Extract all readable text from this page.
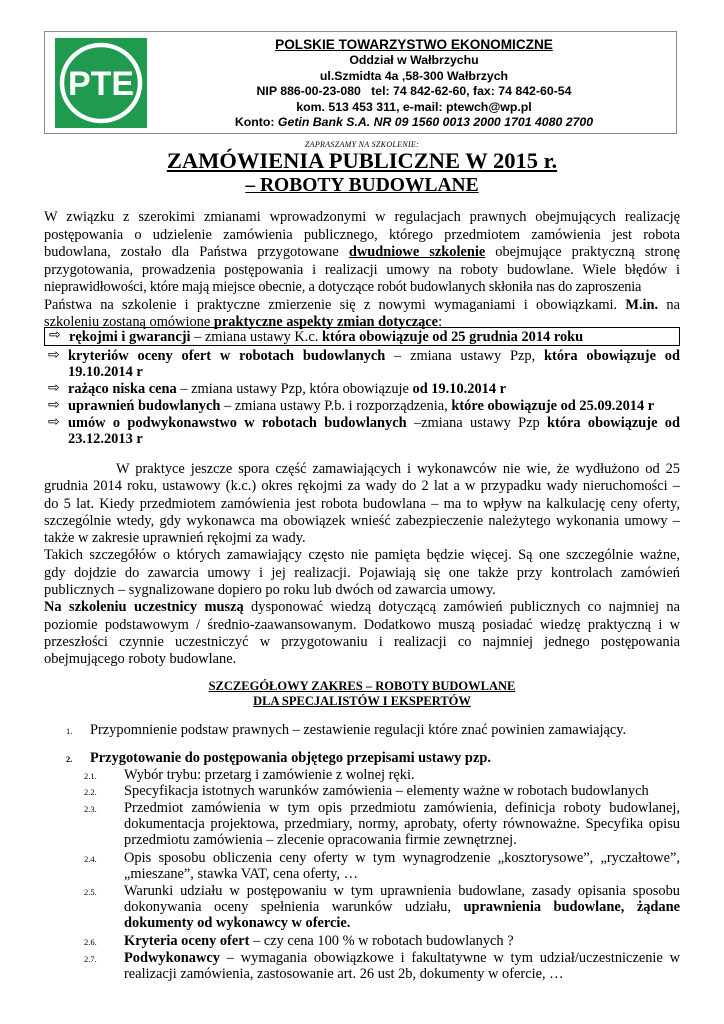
PTE
POLSKIE TOWARZYSTWO EKONOMICZNE
Oddział w Wałbrzychu
ul.Szmidta 4a ,58-300 Wałbrzych
NIP 886-00-23-080   tel: 74 842-62-60, fax: 74 842-60-54
kom. 513 453 311, e-mail: ptewch@wp.pl
Konto: Getin Bank S.A. NR 09 1560 0013 2000 1701 4080 2700
ZAPRASZAMY NA SZKOLENIE:
ZAMÓWIENIA PUBLICZNE W 2015 r.
– ROBOTY BUDOWLANE
W związku z szerokimi zmianami wprowadzonymi w regulacjach prawnych obejmujących realizację
postępowania o udzielenie zamówienia publicznego, którego przedmiotem zamówienia jest robota
budowlana, zostało dla Państwa przygotowane dwudniowe szkolenie obejmujące praktyczną stronę
przygotowania, prowadzenia postępowania i realizacji umowy na roboty budowlane. Wiele błędów i
nieprawidłowości, które mają miejsce obecnie, a dotyczące robót budowlanych skłoniła nas do zaproszenia
Państwa na szkolenie i praktyczne zmierzenie się z nowymi wymaganiami i obowiązkami. M.in. na
szkoleniu zostaną omówione praktyczne aspekty zmian dotyczące:
⇨ rękojmi i gwarancji – zmiana ustawy K.c. która obowiązuje od 25 grudnia 2014 roku
⇨ kryteriów oceny ofert w robotach budowlanych – zmiana ustawy Pzp, która obowiązuje od
19.10.2014 r
⇨ rażąco niska cena – zmiana ustawy Pzp, która obowiązuje od 19.10.2014 r
⇨ uprawnień budowlanych – zmiana ustawy P.b. i rozporządzenia, które obowiązuje od 25.09.2014 r
⇨ umów o podwykonawstwo w robotach budowlanych –zmiana ustawy Pzp która obowiązuje od
23.12.2013 r
W praktyce jeszcze spora część zamawiających i wykonawców nie wie, że wydłużono od 25
grudnia 2014 roku, ustawowy (k.c.) okres rękojmi za wady do 2 lat a w przypadku wady nieruchomości –
do 5 lat. Kiedy przedmiotem zamówienia jest robota budowlana – ma to wpływ na kalkulację ceny oferty,
szczególnie wtedy, gdy wykonawca ma obowiązek wnieść zabezpieczenie należytego wykonania umowy –
także w zakresie uprawnień rękojmi za wady.
Takich szczegółów o których zamawiający często nie pamięta będzie więcej. Są one szczególnie ważne,
gdy dojdzie do zawarcia umowy i jej realizacji. Pojawiają się one także przy kontrolach zamówień
publicznych – sygnalizowane dopiero po roku lub dwóch od zawarcia umowy.
Na szkoleniu uczestnicy muszą dysponować wiedzą dotyczącą zamówień publicznych co najmniej na
poziomie podstawowym / średnio-zaawansowanym. Dodatkowo muszą posiadać wiedzę praktyczną i w
przeszłości czynnie uczestniczyć w przygotowaniu i realizacji co najmniej jednego postępowania
obejmującego roboty budowlane.
SZCZEGÓŁOWY ZAKRES – ROBOTY BUDOWLANE
DLA SPECJALISTÓW I EKSPERTÓW
1. Przypomnienie podstaw prawnych – zestawienie regulacji które znać powinien zamawiający.
2. Przygotowanie do postępowania objętego przepisami ustawy pzp.
2.1. Wybór trybu: przetarg i zamówienie z wolnej ręki.
2.2. Specyfikacja istotnych warunków zamówienia – elementy ważne w robotach budowlanych
2.3. Przedmiot zamówienia w tym opis przedmiotu zamówienia, definicja roboty budowlanej,
dokumentacja projektowa, przedmiary, normy, aprobaty, oferty równoważne. Specyfika opisu
przedmiotu zamówienia – zlecenie opracowania firmie zewnętrznej.
2.4. Opis sposobu obliczenia ceny oferty w tym wynagrodzenie „kosztorysowe”, „ryczałtowe”,
„mieszane”, stawka VAT, cena oferty, …
2.5. Warunki udziału w postępowaniu w tym uprawnienia budowlane, zasady opisania sposobu
dokonywania oceny spełnienia warunków udziału, uprawnienia budowlane, żądane
dokumenty od wykonawcy w ofercie.
2.6. Kryteria oceny ofert – czy cena 100 % w robotach budowlanych ?
2.7. Podwykonawcy – wymagania obowiązkowe i fakultatywne w tym udział/uczestniczenie w
realizacji zamówienia, zastosowanie art. 26 ust 2b, dokumenty w ofercie, …
